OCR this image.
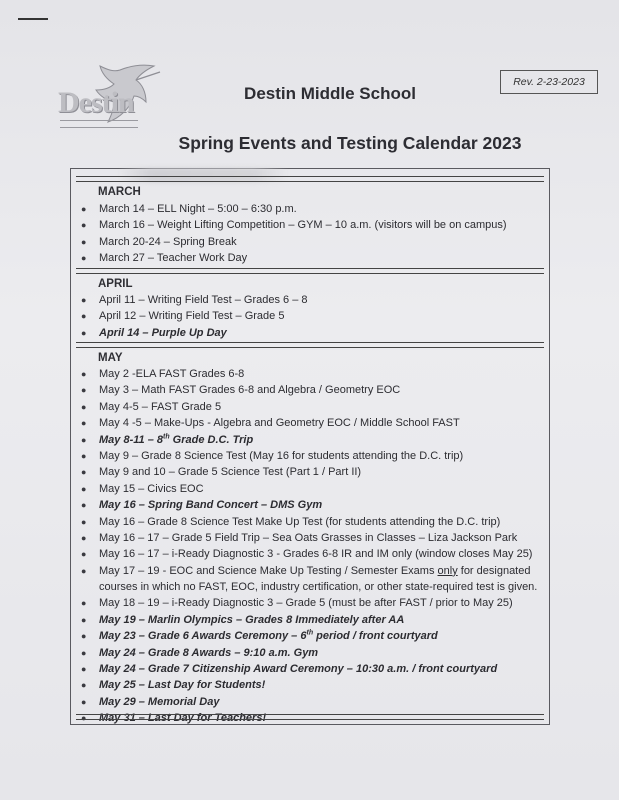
Destin
Rev. 2-23-2023
Destin Middle School
Spring Events and Testing Calendar 2023
MARCH
● March 14 – ELL Night – 5:00 – 6:30 p.m.
● March 16 – Weight Lifting Competition – GYM – 10 a.m. (visitors will be on campus)
● March 20-24 – Spring Break
● March 27 – Teacher Work Day
APRIL
● April 11 – Writing Field Test – Grades 6 – 8
● April 12 – Writing Field Test – Grade 5
● April 14 – Purple Up Day
MAY
● May 2 -ELA FAST Grades 6-8
● May 3 – Math FAST Grades 6-8 and Algebra / Geometry EOC
● May 4-5 – FAST Grade 5
● May 4 -5 – Make-Ups - Algebra and Geometry EOC / Middle School FAST
● May 8-11 – 8th Grade D.C. Trip
● May 9 – Grade 8 Science Test (May 16 for students attending the D.C. trip)
● May 9 and 10 – Grade 5 Science Test (Part 1 / Part II)
● May 15 – Civics EOC
● May 16 – Spring Band Concert – DMS Gym
● May 16 – Grade 8 Science Test Make Up Test (for students attending the D.C. trip)
● May 16 – 17 – Grade 5 Field Trip – Sea Oats Grasses in Classes – Liza Jackson Park
● May 16 – 17 – i-Ready Diagnostic 3 - Grades 6-8 IR and IM only (window closes May 25)
● May 17 – 19 - EOC and Science Make Up Testing / Semester Exams only for designated
courses in which no FAST, EOC, industry certification, or other state-required test is given.
● May 18 – 19 – i-Ready Diagnostic 3 – Grade 5 (must be after FAST / prior to May 25)
● May 19 – Marlin Olympics – Grades 8 Immediately after AA
● May 23 – Grade 6 Awards Ceremony – 6th period / front courtyard
● May 24 – Grade 8 Awards – 9:10 a.m. Gym
● May 24 – Grade 7 Citizenship Award Ceremony – 10:30 a.m. / front courtyard
● May 25 – Last Day for Students!
● May 29 – Memorial Day
● May 31 – Last Day for Teachers!
